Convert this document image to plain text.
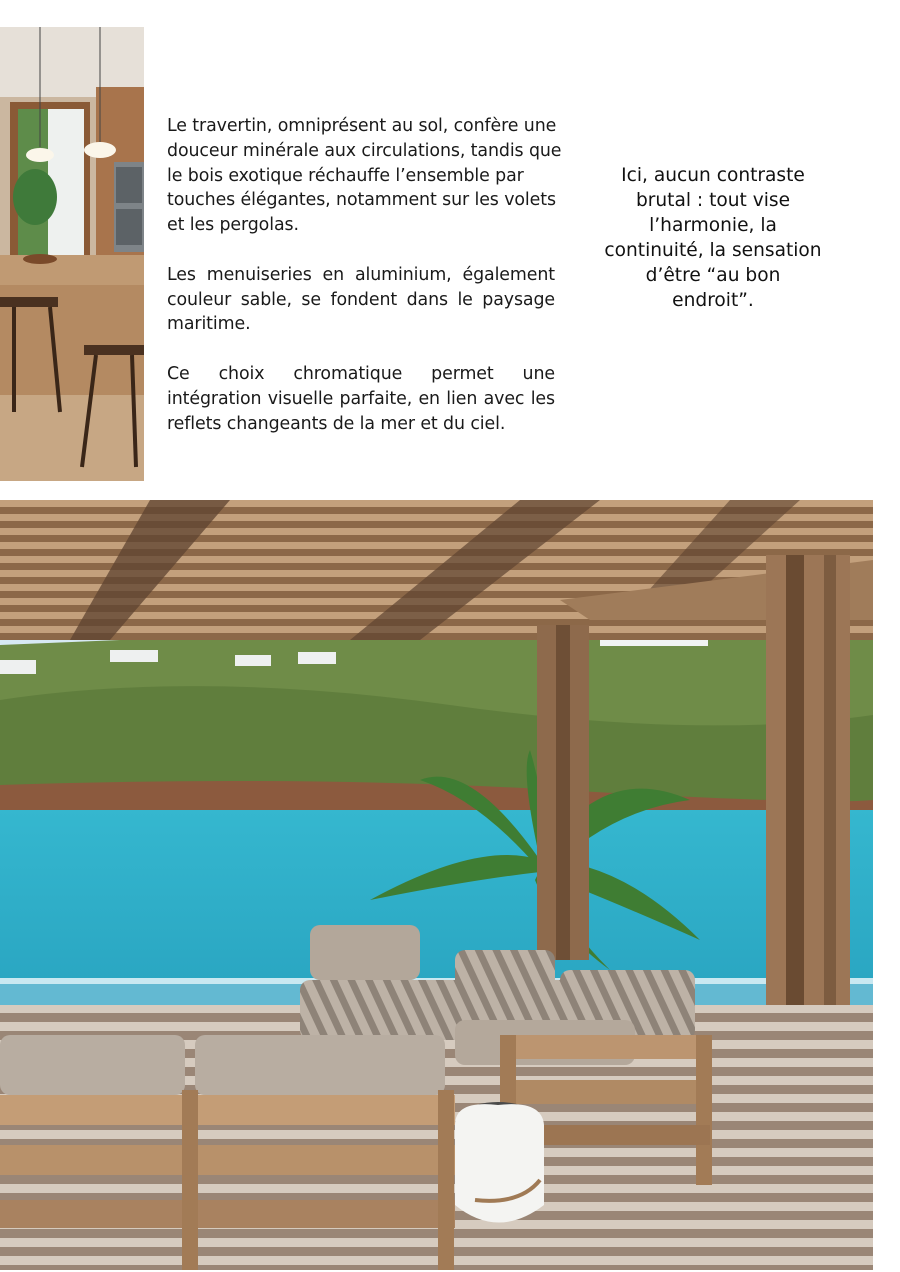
Le travertin, omniprésent au sol, confère une douceur minérale aux circulations, tandis que le bois exotique réchauffe l’ensemble par touches élégantes, notamment sur les volets et les pergolas.

Les menuiseries en aluminium, également couleur sable, se fondent dans le paysage maritime.

Ce choix chromatique permet une intégration visuelle parfaite, en lien avec les reflets changeants de la mer et du ciel.

Ici, aucun contraste brutal : tout vise l’harmonie, la continuité, la sensation d’être “au bon endroit”.
